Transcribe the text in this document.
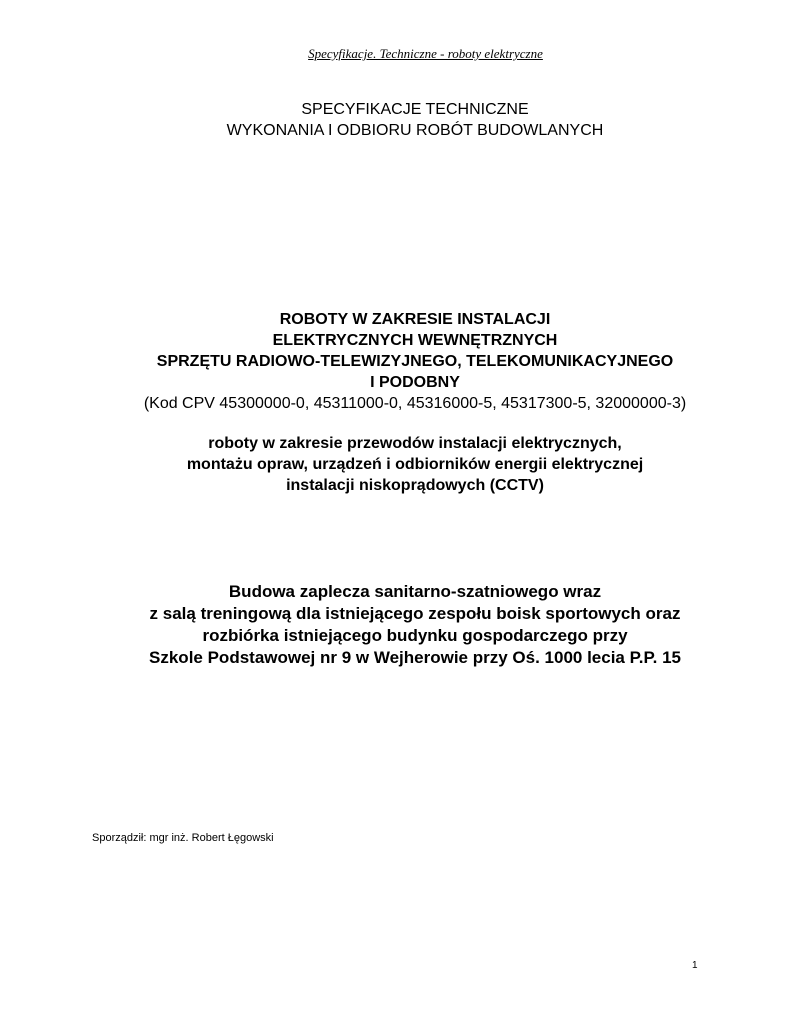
Specyfikacje. Techniczne - roboty elektryczne
SPECYFIKACJE TECHNICZNE
WYKONANIA I ODBIORU ROBÓT BUDOWLANYCH
ROBOTY W ZAKRESIE INSTALACJI
ELEKTRYCZNYCH WEWNĘTRZNYCH
SPRZĘTU RADIOWO-TELEWIZYJNEGO, TELEKOMUNIKACYJNEGO
I PODOBNY
(Kod CPV 45300000-0, 45311000-0, 45316000-5, 45317300-5, 32000000-3)
roboty w zakresie przewodów instalacji elektrycznych,
montażu opraw, urządzeń i odbiorników energii elektrycznej
instalacji niskoprądowych (CCTV)
Budowa zaplecza sanitarno-szatniowego wraz
z salą treningową dla istniejącego zespołu boisk sportowych oraz
rozbiórka istniejącego budynku gospodarczego przy
Szkole Podstawowej nr 9 w Wejherowie przy Oś. 1000 lecia P.P. 15
Sporządził: mgr inż. Robert Łęgowski
1
